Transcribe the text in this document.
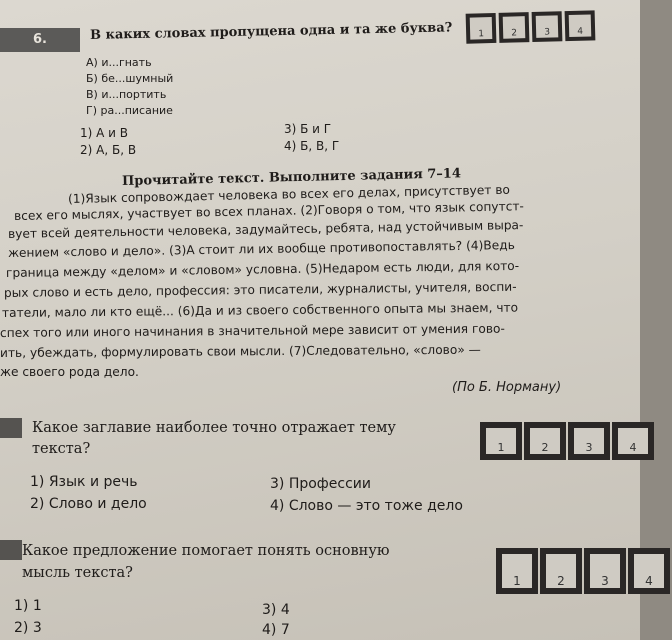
6.	В каких словах пропущена одна и та же буква?	1	2	3	4
А) и...гнать
Б) бе...шумный
В) и...портить
Г) ра...писание
1) А и В
2) А, Б, В
3) Б и Г
4) Б, В, Г
Прочитайте текст. Выполните задания 7–14
(1)Язык сопровождает человека во всех его делах, присутствует во
всех его мыслях, участвует во всех планах. (2)Говоря о том, что язык сопутст-
вует всей деятельности человека, задумайтесь, ребята, над устойчивым выра-
жением «слово и дело». (3)А стоит ли их вообще противопоставлять? (4)Ведь
граница между «делом» и «словом» условна. (5)Недаром есть люди, для кото-
рых слово и есть дело, профессия: это писатели, журналисты, учителя, воспи-
татели, мало ли кто ещё... (6)Да и из своего собственного опыта мы знаем, что
спех того или иного начинания в значительной мере зависит от умения гово-
ить, убеждать, формулировать свои мысли. (7)Следовательно, «слово» —
же своего рода дело.
(По Б. Норману)
Какое заглавие наиболее точно отражает тему
текста?	1	2	3	4
1) Язык и речь
2) Слово и дело
3) Профессии
4) Слово — это тоже дело
Какое предложение помогает понять основную
мысль текста?	1	2	3	4
1) 1
2) 3
3) 4
4) 7
